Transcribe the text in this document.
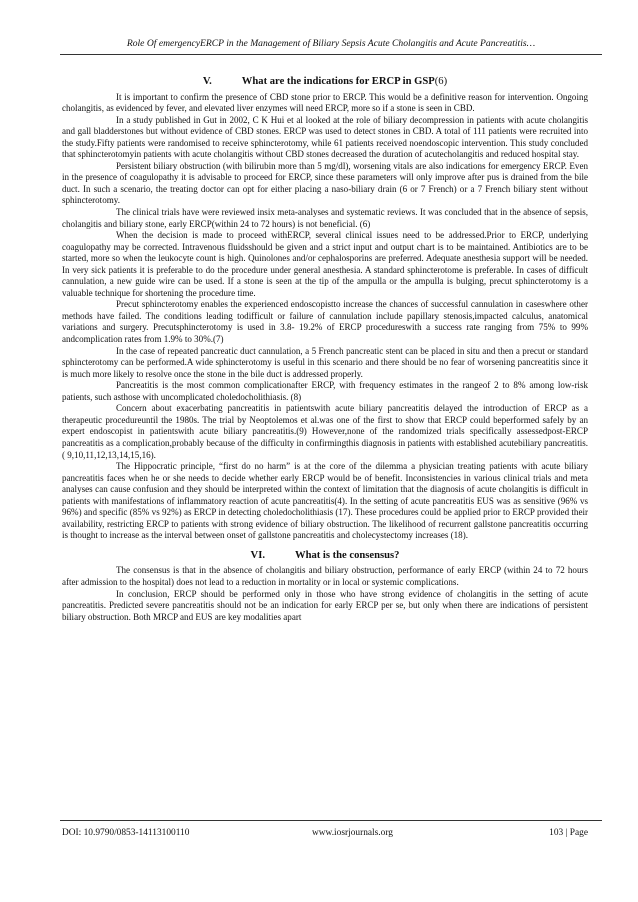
Role Of emergencyERCP in the Management of Biliary Sepsis Acute Cholangitis and Acute Pancreatitis…
V.	What are the indications for ERCP in GSP(6)

It is important to confirm the presence of CBD stone prior to ERCP. This would be a definitive reason for intervention. Ongoing cholangitis, as evidenced by fever, and elevated liver enzymes will need ERCP, more so if a stone is seen in CBD.

In a study published in Gut in 2002, C K Hui et al looked at the role of biliary decompression in patients with acute cholangitis and gall bladderstones but without evidence of CBD stones. ERCP was used to detect stones in CBD. A total of 111 patients were recruited into the study.Fifty patients were randomised to receive sphincterotomy, while 61 patients received noendoscopic intervention. This study concluded that sphincterotomyin patients with acute cholangitis without CBD stones decreased the duration of acutecholangitis and reduced hospital stay.

Persistent biliary obstruction (with bilirubin more than 5 mg/dl), worsening vitals are also indications for emergency ERCP. Even in the presence of coagulopathy it is advisable to proceed for ERCP, since these parameters will only improve after pus is drained from the bile duct. In such a scenario, the treating doctor can opt for either placing a naso-biliary drain (6 or 7 French) or a 7 French biliary stent without sphincterotomy.

The clinical trials have were reviewed insix meta-analyses and systematic reviews. It was concluded that in the absence of sepsis, cholangitis and biliary stone, early ERCP(within 24 to 72 hours) is not beneficial. (6)

When the decision is made to proceed withERCP, several clinical issues need to be addressed.Prior to ERCP, underlying coagulopathy may be corrected. Intravenous fluidsshould be given and a strict input and output chart is to be maintained. Antibiotics are to be started, more so when the leukocyte count is high. Quinolones and/or cephalosporins are preferred. Adequate anesthesia support will be needed. In very sick patients it is preferable to do the procedure under general anesthesia. A standard sphincterotome is preferable. In cases of difficult cannulation, a new guide wire can be used. If a stone is seen at the tip of the ampulla or the ampulla is bulging, precut sphincterotomy is a valuable technique for shortening the procedure time.

Precut sphincterotomy enables the experienced endoscopistto increase the chances of successful cannulation in caseswhere other methods have failed. The conditions leading todifficult or failure of cannulation include papillary stenosis,impacted calculus, anatomical variations and surgery. Precutsphincterotomy is used in 3.8- 19.2% of ERCP procedureswith a success rate ranging from 75% to 99% andcomplication rates from 1.9% to 30%.(7)

In the case of repeated pancreatic duct cannulation, a 5 French pancreatic stent can be placed in situ and then a precut or standard sphincterotomy can be performed.A wide sphincterotomy is useful in this scenario and there should be no fear of worsening pancreatitis since it is much more likely to resolve once the stone in the bile duct is addressed properly.

Pancreatitis is the most common complicationafter ERCP, with frequency estimates in the rangeof 2 to 8% among low-risk patients, such asthose with uncomplicated choledocholithiasis. (8)

Concern about exacerbating pancreatitis in patientswith acute biliary pancreatitis delayed the introduction of ERCP as a therapeutic procedureuntil the 1980s. The trial by Neoptolemos et al.was one of the first to show that ERCP could beperformed safely by an expert endoscopist in patientswith acute biliary pancreatitis.(9) However,none of the randomized trials specifically assessedpost-ERCP pancreatitis as a complication,probably because of the difficulty in confirmingthis diagnosis in patients with established acutebiliary pancreatitis.( 9,10,11,12,13,14,15,16).

The Hippocratic principle, “first do no harm” is at the core of the dilemma a physician treating patients with acute biliary pancreatitis faces when he or she needs to decide whether early ERCP would be of benefit. Inconsistencies in various clinical trials and meta analyses can cause confusion and they should be interpreted within the context of limitation that the diagnosis of acute cholangitis is difficult in patients with manifestations of inflammatory reaction of acute pancreatitis(4). In the setting of acute pancreatitis EUS was as sensitive (96% vs 96%) and specific (85% vs 92%) as ERCP in detecting choledocholithiasis (17). These procedures could be applied prior to ERCP provided their availability, restricting ERCP to patients with strong evidence of biliary obstruction. The likelihood of recurrent gallstone pancreatitis occurring is thought to increase as the interval between onset of gallstone pancreatitis and cholecystectomy increases (18).

VI.	What is the consensus?

The consensus is that in the absence of cholangitis and biliary obstruction, performance of early ERCP (within 24 to 72 hours after admission to the hospital) does not lead to a reduction in mortality or in local or systemic complications.

In conclusion, ERCP should be performed only in those who have strong evidence of cholangitis in the setting of acute pancreatitis. Predicted severe pancreatitis should not be an indication for early ERCP per se, but only when there are indications of persistent biliary obstruction. Both MRCP and EUS are key modalities apart

DOI: 10.9790/0853-14113100110	www.iosrjournals.org	103 | Page
